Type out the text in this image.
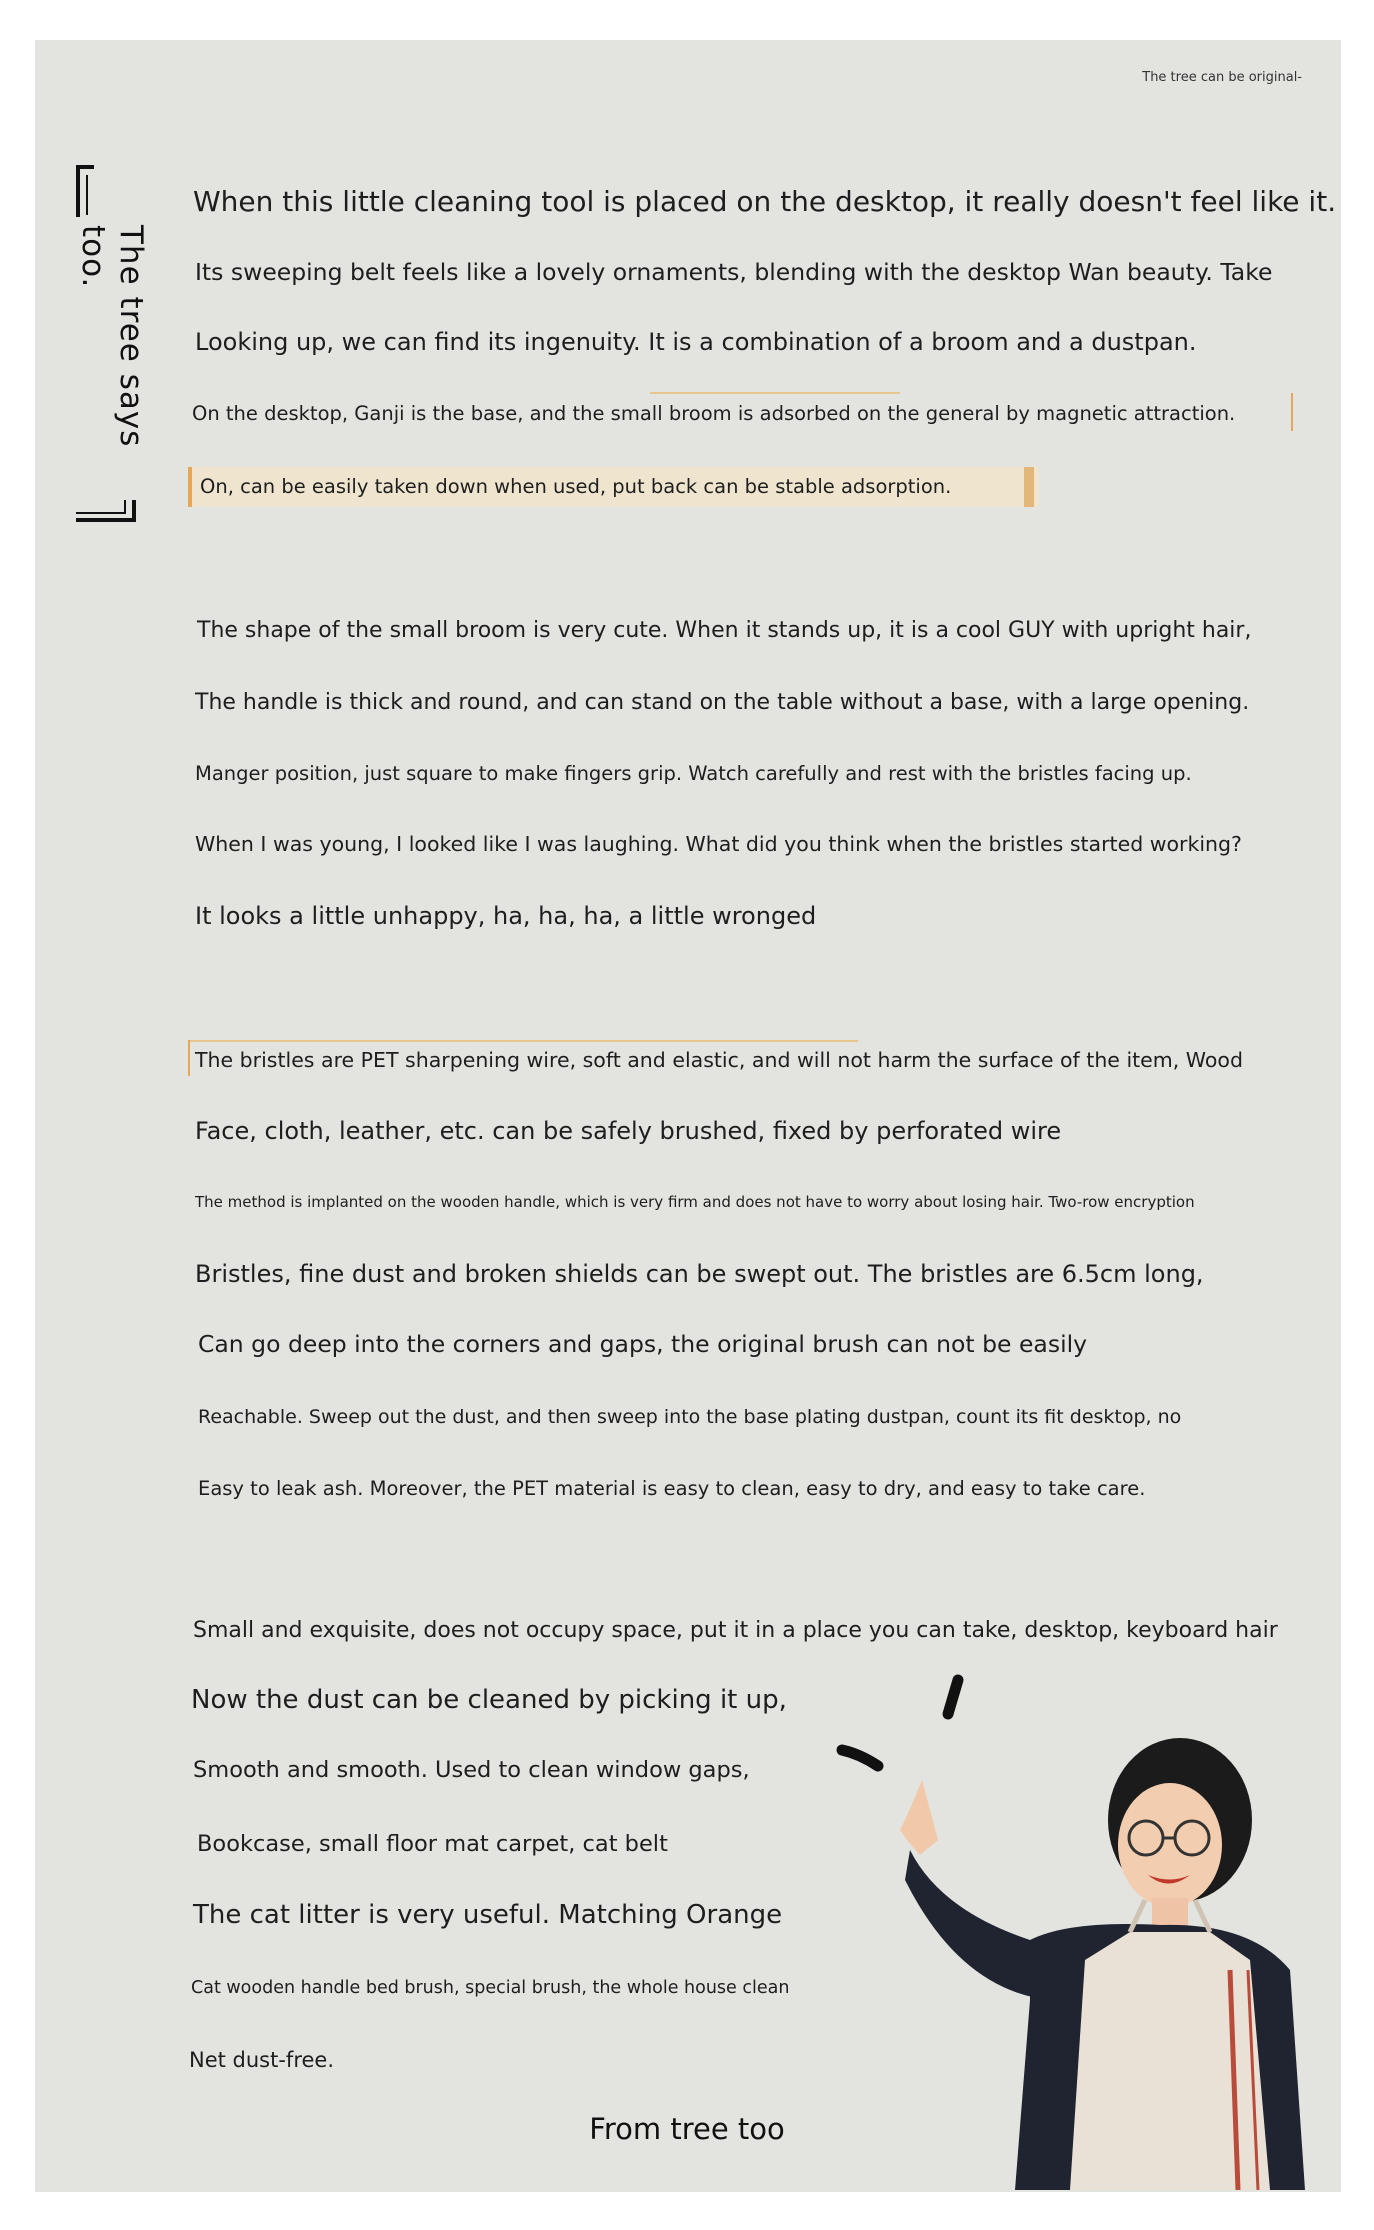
The tree can be original-
The tree says too.
When this little cleaning tool is placed on the desktop, it really doesn't feel like it.
Its sweeping belt feels like a lovely ornaments, blending with the desktop Wan beauty. Take
Looking up, we can find its ingenuity. It is a combination of a broom and a dustpan.
On the desktop, Ganji is the base, and the small broom is adsorbed on the general by magnetic attraction.
On, can be easily taken down when used, put back can be stable adsorption.
The shape of the small broom is very cute. When it stands up, it is a cool GUY with upright hair,
The handle is thick and round, and can stand on the table without a base, with a large opening.
Manger position, just square to make fingers grip. Watch carefully and rest with the bristles facing up.
When I was young, I looked like I was laughing. What did you think when the bristles started working?
It looks a little unhappy, ha, ha, ha, a little wronged
The bristles are PET sharpening wire, soft and elastic, and will not harm the surface of the item, Wood
Face, cloth, leather, etc. can be safely brushed, fixed by perforated wire
The method is implanted on the wooden handle, which is very firm and does not have to worry about losing hair. Two-row encryption
Bristles, fine dust and broken shields can be swept out. The bristles are 6.5cm long,
Can go deep into the corners and gaps, the original brush can not be easily
Reachable. Sweep out the dust, and then sweep into the base plating dustpan, count its fit desktop, no
Easy to leak ash. Moreover, the PET material is easy to clean, easy to dry, and easy to take care.
Small and exquisite, does not occupy space, put it in a place you can take, desktop, keyboard hair
Now the dust can be cleaned by picking it up,
Smooth and smooth. Used to clean window gaps,
Bookcase, small floor mat carpet, cat belt
The cat litter is very useful. Matching Orange
Cat wooden handle bed brush, special brush, the whole house clean
Net dust-free.
From tree too
